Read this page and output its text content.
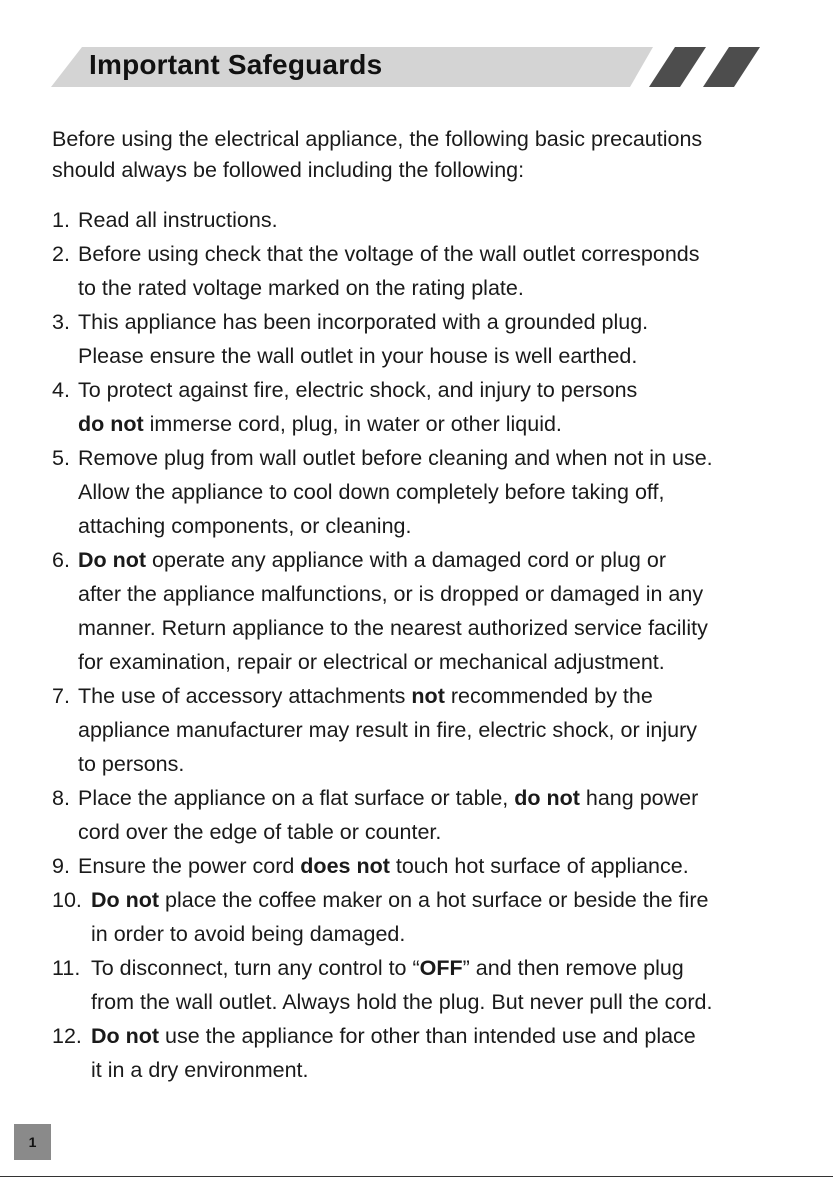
Important Safeguards
Before using the electrical appliance, the following basic precautions
should always be followed including the following:
1. Read all instructions.
2. Before using check that the voltage of the wall outlet corresponds
to the rated voltage marked on the rating plate.
3. This appliance has been incorporated with a grounded plug.
Please ensure the wall outlet in your house is well earthed.
4. To protect against fire, electric shock, and injury to persons
do not immerse cord, plug, in water or other liquid.
5. Remove plug from wall outlet before cleaning and when not in use.
Allow the appliance to cool down completely before taking off,
attaching components, or cleaning.
6. Do not operate any appliance with a damaged cord or plug or
after the appliance malfunctions, or is dropped or damaged in any
manner. Return appliance to the nearest authorized service facility
for examination, repair or electrical or mechanical adjustment.
7. The use of accessory attachments not recommended by the
appliance manufacturer may result in fire, electric shock, or injury
to persons.
8. Place the appliance on a flat surface or table, do not hang power
cord over the edge of table or counter.
9. Ensure the power cord does not touch hot surface of appliance.
10. Do not place the coffee maker on a hot surface or beside the fire
in order to avoid being damaged.
11. To disconnect, turn any control to “OFF” and then remove plug
from the wall outlet. Always hold the plug. But never pull the cord.
12. Do not use the appliance for other than intended use and place
it in a dry environment.
1
